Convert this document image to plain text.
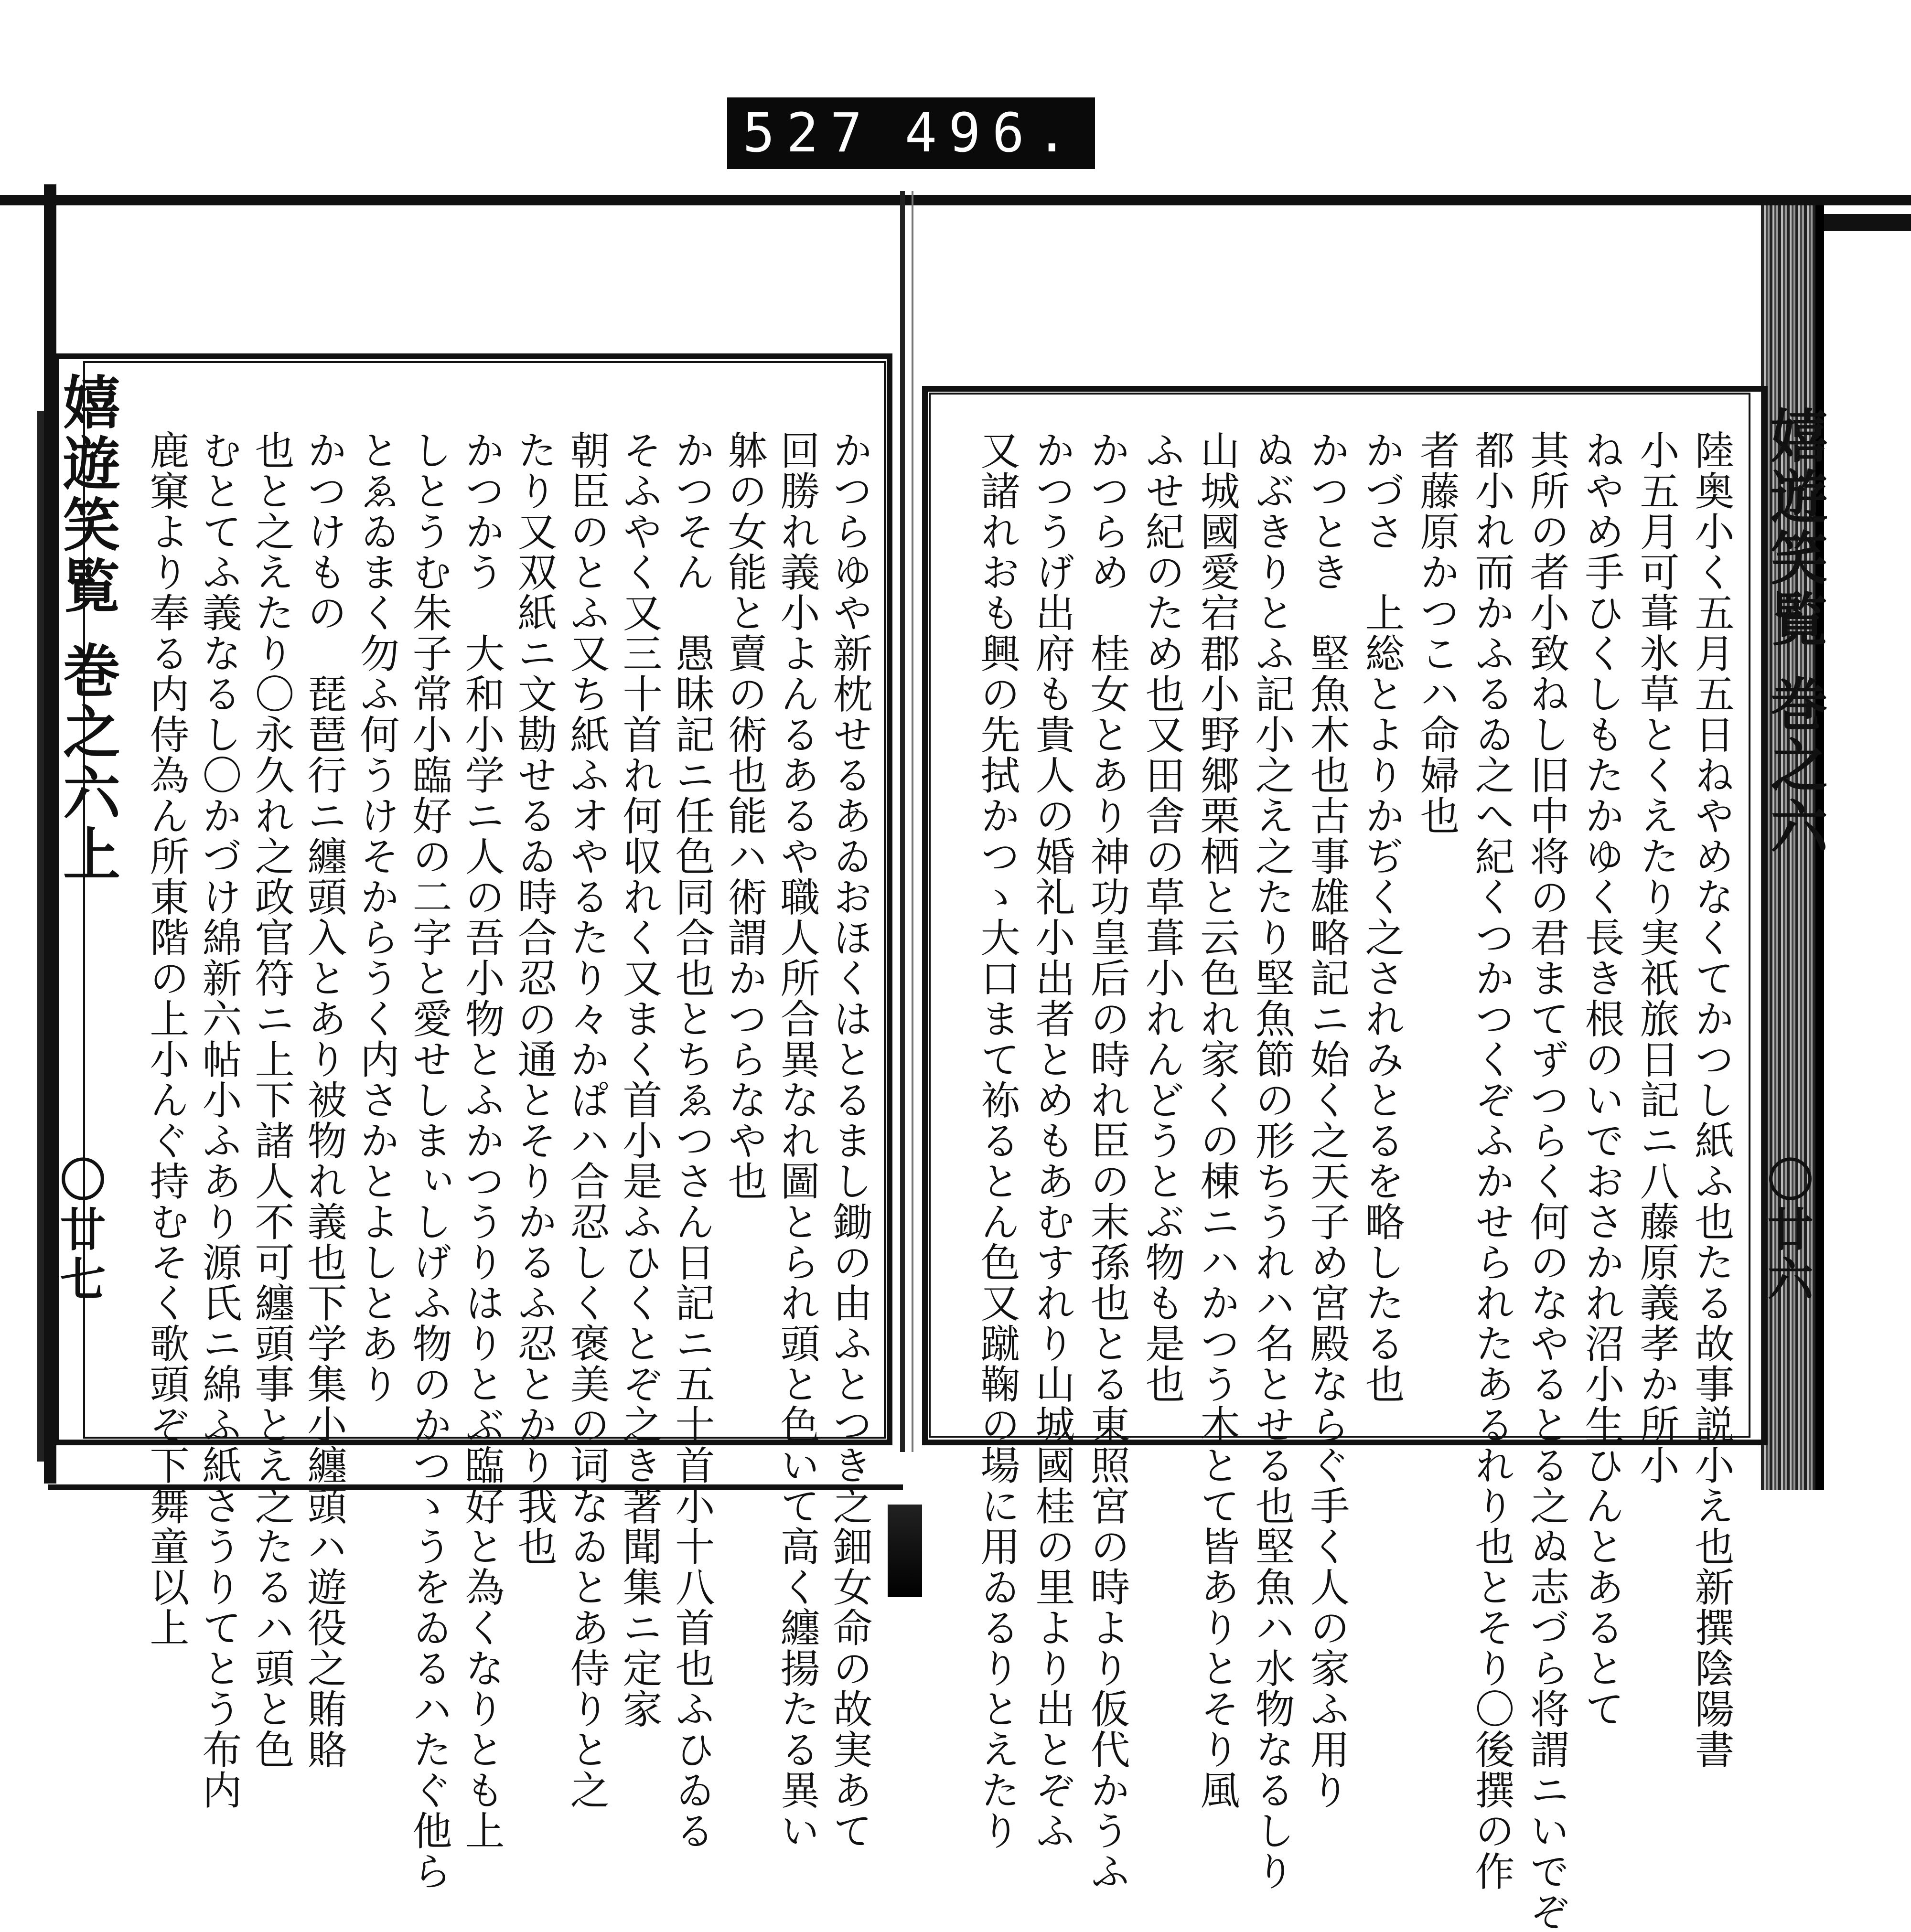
527 496.
嬉遊笑覧 巻之六上
〇廿七
嬉遊笑覧 巻之六
〇廿六
かつらゆや新枕せるあゐおほくはとるまし鋤の由ふとつき之鈿女命の故実あて
回勝れ義小よんるあるや職人所合異なれ圖とられ頭と色いて高く纏揚たる異い
躰の女能と賣の術也能ハ術謂かつらなや也
かつそん　愚昧記ニ任色同合也とちゑつさん日記ニ五十首小十八首也ふひゐる
そふやく又三十首れ何収れく又まく首小是ふひくとぞ之き著聞集ニ定家
朝臣のとふ又ち紙ふオやるたり々かぱハ合忍しく褒美の词なゐとあ侍りと之
たり又双紙ニ文勘せるゐ時合忍の通とそりかるふ忍とかり我也
かつかう　大和小学ニ人の吾小物とふかつうりはりとぶ臨好と為くなりとも上
しとうむ朱子常小臨好の二字と愛せしまぃしげふ物のかつゝうをゐるハたぐ他ら
とゑゐまく勿ふ何うけそからうく内さかとよしとあり
かつけもの　琵琶行ニ纏頭入とあり被物れ義也下学集小纏頭ハ遊役之賄賂
也と之えたり〇永久れ之政官符ニ上下諸人不可纏頭事とえ之たるハ頭と色
むとてふ義なるし〇かづけ綿新六帖小ふあり源氏ニ綿ふ紙さうりてとう布内
鹿窠より奉る内侍為ん所東階の上小んぐ持むそく歌頭ぞ下舞童以上	陸奥小く五月五日ねやめなくてかつし紙ふ也たる故事説小え也新撰陰陽書
小五月可葺氷草とくえたり実祇旅日記ニ八藤原義孝か所小
ねやめ手ひくしもたかゆく長き根のいでおさかれ沼小生ひんとあるとて
其所の者小致ねし旧中将の君まてずつらく何のなやるとる之ぬ志づら将謂ニいでぞ
都小れ而かふるゐ之へ紀くつかつくぞふかせられたあるれり也とそり〇後撰の作
者藤原かつこハ命婦也
かづさ　上総とよりかぢく之されみとるを略したる也
かつとき　堅魚木也古事雄略記ニ始く之天子め宮殿ならぐ手く人の家ふ用り
ぬぶきりとふ記小之え之たり堅魚節の形ちうれハ名とせる也堅魚ハ水物なるしり
山城國愛宕郡小野郷栗栖と云色れ家くの棟ニハかつう木とて皆ありとそり風
ふせ紀のため也又田舎の草葺小れんどうとぶ物も是也
かつらめ　桂女とあり神功皇后の時れ臣の末孫也とる東照宮の時より仮代かうふ
かつうげ出府も貴人の婚礼小出者とめもあむすれり山城國桂の里より出とぞふ
又諸れおも興の先拭かつゝ大口まて袮るとん色又蹴鞠の場に用ゐるりとえたり
